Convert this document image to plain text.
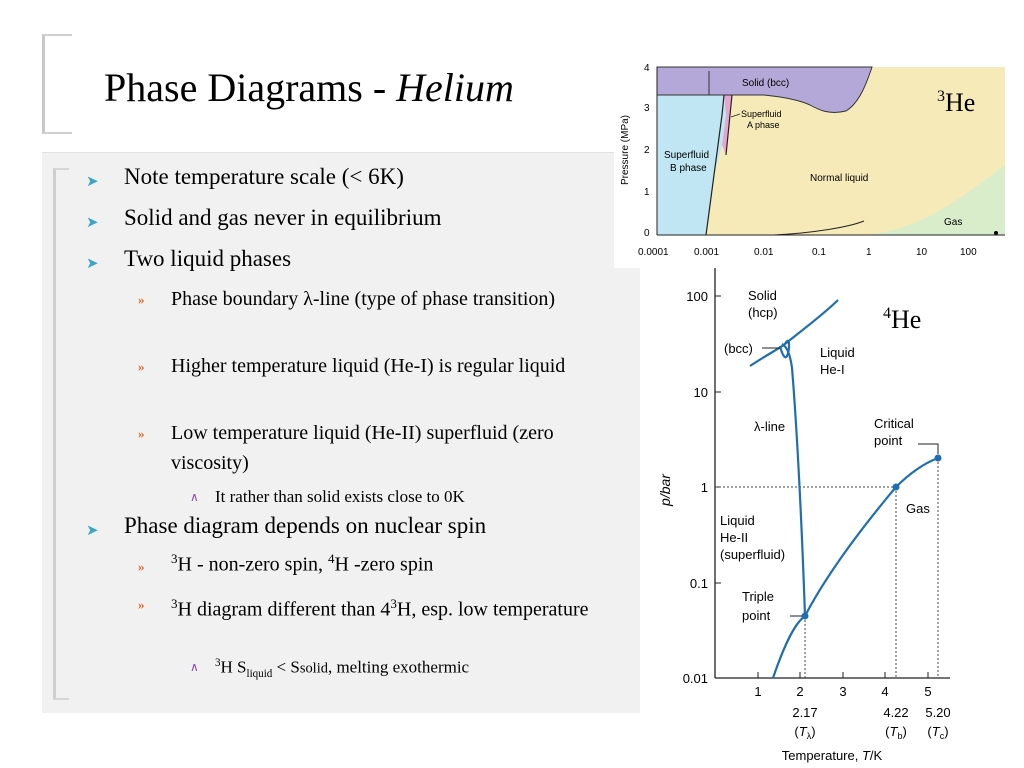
Phase Diagrams - Helium
➤ Note temperature scale (< 6K)
➤ Solid and gas never in equilibrium
➤ Two liquid phases
» Phase boundary λ-line (type of phase transition)
» Higher temperature liquid (He-I) is regular liquid
» Low temperature liquid (He-II) superfluid (zero viscosity)
∧ It rather than solid exists close to 0K
➤ Phase diagram depends on nuclear spin
»
$^3$H - non-zero spin, $^4$H -zero spin
» $^3$H diagram different than $4^3H$, esp. low temperature
∧ $^3$H $S_{liquid}$ < Ssolid, melting exothermic
Pressure (MPa)
4
3
2
1
0
0.0001	0.001	0.01	0.1	1	10	100
Solid (bcc)
Superfluid
A phase
Superfluid
B phase
Normal liquid
Gas
$^3$He
100
10
1
0.1
0.01
1	2	3	4	5
Solid
(hcp)
(bcc)	Liquid
He-I
λ-line	Critical
point
Gas
Liquid
He-II
(superfluid)
Triple
point
2.17
$(T_\lambda)$
4.22
$(T_b)$
5.20
$(T_c)$
Temperature, T/K
p/bar
$^4$He
